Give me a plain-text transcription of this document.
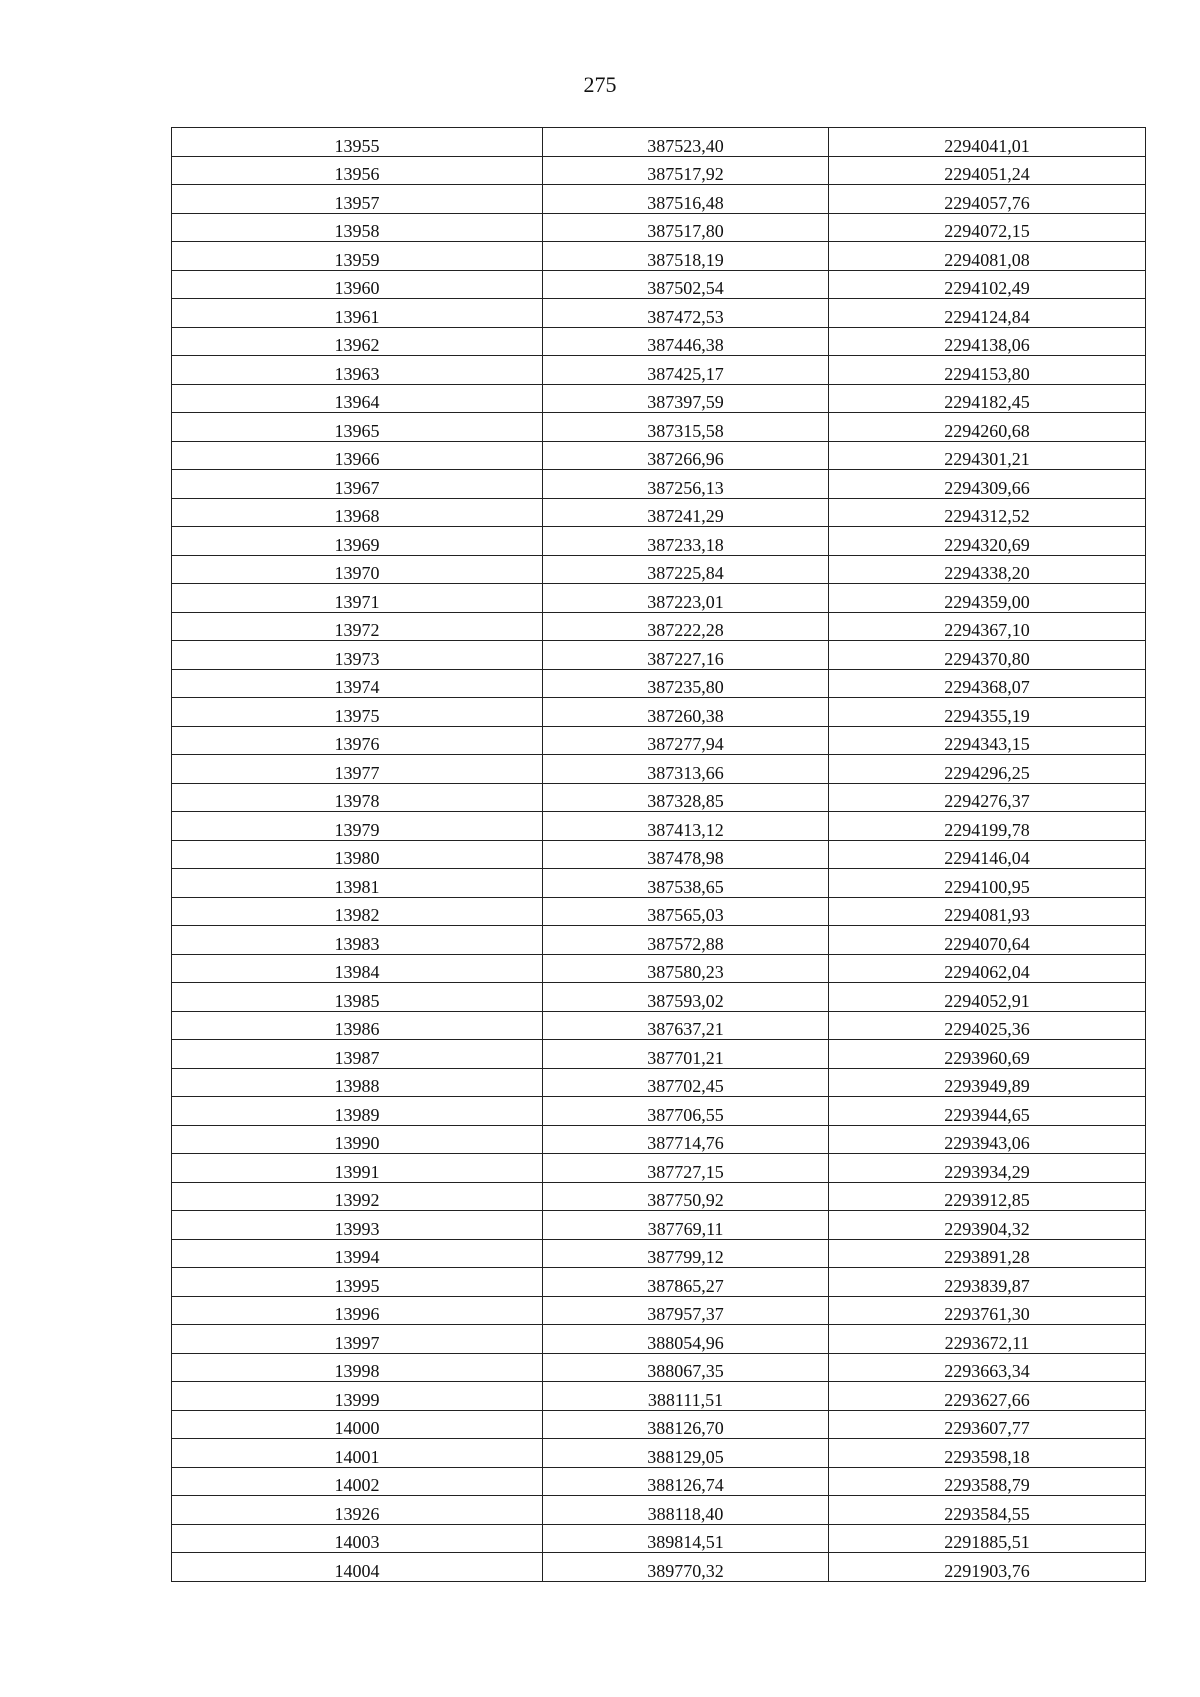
275
13955	387523,40	2294041,01
13956	387517,92	2294051,24
13957	387516,48	2294057,76
13958	387517,80	2294072,15
13959	387518,19	2294081,08
13960	387502,54	2294102,49
13961	387472,53	2294124,84
13962	387446,38	2294138,06
13963	387425,17	2294153,80
13964	387397,59	2294182,45
13965	387315,58	2294260,68
13966	387266,96	2294301,21
13967	387256,13	2294309,66
13968	387241,29	2294312,52
13969	387233,18	2294320,69
13970	387225,84	2294338,20
13971	387223,01	2294359,00
13972	387222,28	2294367,10
13973	387227,16	2294370,80
13974	387235,80	2294368,07
13975	387260,38	2294355,19
13976	387277,94	2294343,15
13977	387313,66	2294296,25
13978	387328,85	2294276,37
13979	387413,12	2294199,78
13980	387478,98	2294146,04
13981	387538,65	2294100,95
13982	387565,03	2294081,93
13983	387572,88	2294070,64
13984	387580,23	2294062,04
13985	387593,02	2294052,91
13986	387637,21	2294025,36
13987	387701,21	2293960,69
13988	387702,45	2293949,89
13989	387706,55	2293944,65
13990	387714,76	2293943,06
13991	387727,15	2293934,29
13992	387750,92	2293912,85
13993	387769,11	2293904,32
13994	387799,12	2293891,28
13995	387865,27	2293839,87
13996	387957,37	2293761,30
13997	388054,96	2293672,11
13998	388067,35	2293663,34
13999	388111,51	2293627,66
14000	388126,70	2293607,77
14001	388129,05	2293598,18
14002	388126,74	2293588,79
13926	388118,40	2293584,55
14003	389814,51	2291885,51
14004	389770,32	2291903,76
